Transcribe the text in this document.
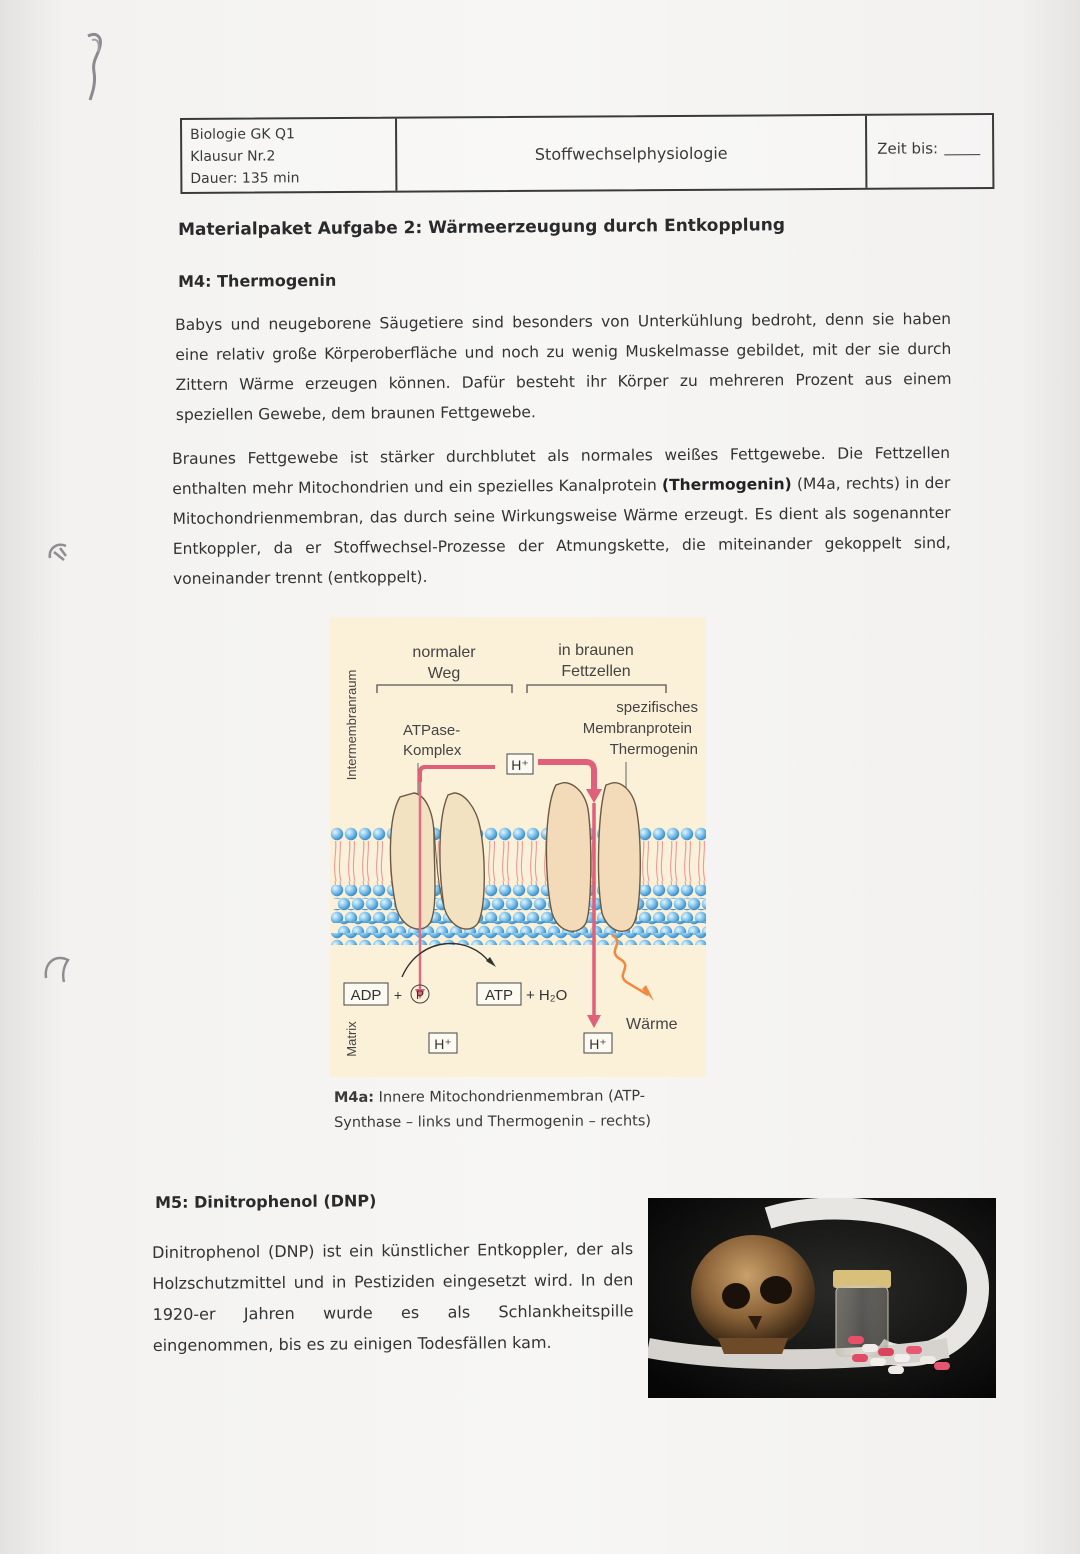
Biologie GK Q1
Klausur Nr.2
Dauer: 135 min
Stoffwechselphysiologie	Zeit bis:
Materialpaket Aufgabe 2: Wärmeerzeugung durch Entkopplung
M4: Thermogenin
Babys und neugeborene Säugetiere sind besonders von Unterkühlung bedroht, denn sie haben eine relativ große Körperoberfläche und noch zu wenig Muskelmasse gebildet, mit der sie durch Zittern Wärme erzeugen können. Dafür besteht ihr Körper zu mehreren Prozent aus einem speziellen Gewebe, dem braunen Fettgewebe.
Braunes Fettgewebe ist stärker durchblutet als normales weißes Fettgewebe. Die Fettzellen enthalten mehr Mitochondrien und ein spezielles Kanalprotein (Thermogenin) (M4a, rechts) in der Mitochondrienmembran, das durch seine Wirkungsweise Wärme erzeugt. Es dient als sogenannter Entkoppler, da er Stoffwechsel-Prozesse der Atmungskette, die miteinander gekoppelt sind, voneinander trennt (entkoppelt).
Intermembranraum
Matrix
normaler
Weg
in braunen
Fettzellen
ATPase-
Komplex
spezifisches
Membranprotein
Thermogenin
H⁺
H⁺	H⁺
ADP + P	ATP + H₂O
Wärme
M4a: Innere Mitochondrienmembran (ATP-Synthase – links und Thermogenin – rechts)
M5: Dinitrophenol (DNP)
Dinitrophenol (DNP) ist ein künstlicher Entkoppler, der als Holzschutzmittel und in Pestiziden eingesetzt wird. In den 1920-er Jahren wurde es als Schlankheitspille eingenommen, bis es zu einigen Todesfällen kam.
